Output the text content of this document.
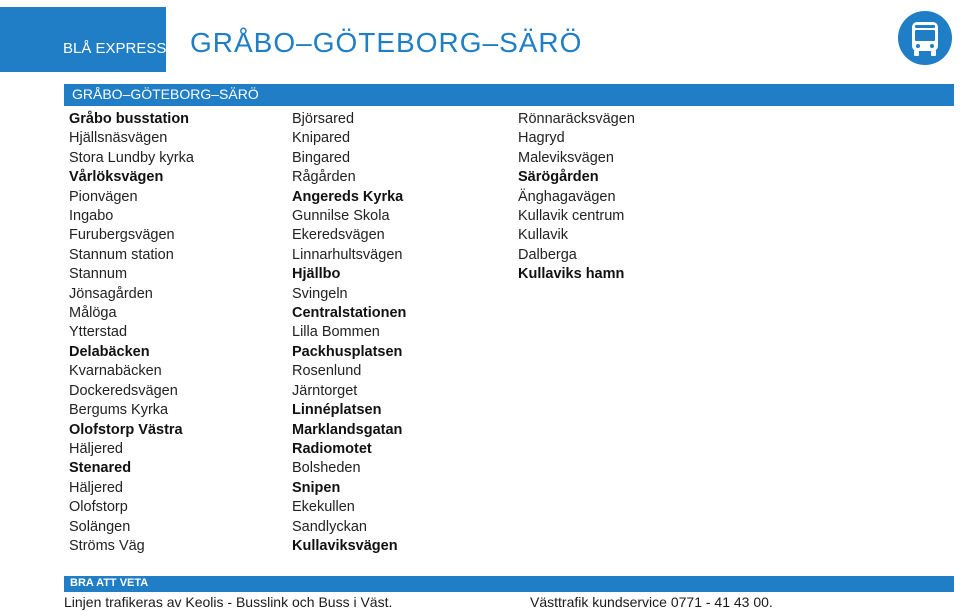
BLÅ EXPRESS GRÅBO–GÖTEBORG–SÄRÖ
GRÅBO–GÖTEBORG–SÄRÖ
Gråbo busstation
Hjällsnäsvägen
Stora Lundby kyrka
Vårlöksvägen
Pionvägen
Ingabo
Furubergsvägen
Stannum station
Stannum
Jönsagården
Målöga
Ytterstad
Delabäcken
Kvarnabäcken
Dockeredsvägen
Bergums Kyrka
Olofstorp Västra
Häljered
Stenared
Häljered
Olofstorp
Solängen
Ströms Väg
Björsared
Knipared
Bingared
Rågården
Angereds Kyrka
Gunnilse Skola
Ekeredsvägen
Linnarhultsvägen
Hjällbo
Svingeln
Centralstationen
Lilla Bommen
Packhusplatsen
Rosenlund
Järntorget
Linnéplatsen
Marklandsgatan
Radiomotet
Bolsheden
Snipen
Ekekullen
Sandlyckan
Kullaviksvägen
Rönnaräcksvägen
Hagryd
Maleviksvägen
Särögården
Änghagavägen
Kullavik centrum
Kullavik
Dalberga
Kullaviks hamn
BRA ATT VETA
Linjen trafikeras av Keolis - Busslink och Buss i Väst.	Västtrafik kundservice 0771 - 41 43 00.
